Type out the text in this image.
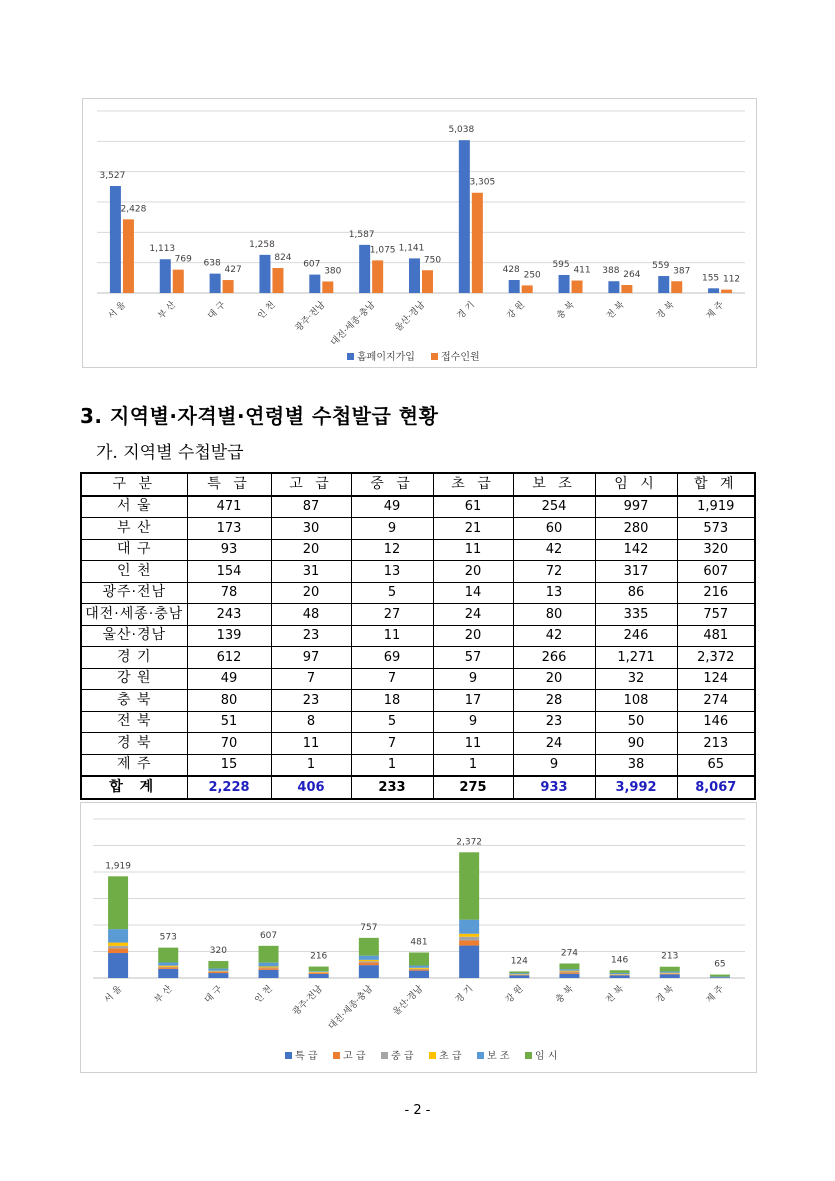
3,527
1,113
638
1,258
607
1,587
1,141
5,038
428
595
388
559
155
2,428
769
427
824
380
1,075
750
3,305
250	411	264	387
112
서 울	부 산	대 구	인 천 광주·전남 대전·세종·충남 울산·경남	경 기	강 원	충 북	전 북	경 북	제 주
홈페이지가입	접수인원
3. 지역별·자격별·연령별 수첩발급 현황
가. 지역별 수첩발급
구 분	특 급	고 급	중 급	초 급	보 조	임 시	합 계
서 울	471	87	49	61	254	997	1,919
부 산	173	30	9	21	60	280	573
대 구	93	20	12	11	42	142	320
인 천	154	31	13	20	72	317	607
광주·전남	78	20	5	14	13	86	216
대전·세종·충남	243	48	27	24	80	335	757
울산·경남	139	23	11	20	42	246	481
경 기	612	97	69	57	266	1,271	2,372
강 원	49	7	7	9	20	32	124
충 북	80	23	18	17	28	108	274
전 북	51	8	5	9	23	50	146
경 북	70	11	7	11	24	90	213
제 주	15	1	1	1	9	38	65
합 계	2,228	406	233	275	933	3,992	8,067
1,919
573
320
607
216
757
481
2,372
124
274
146	213
65
서 울	부 산	대 구	인 천 광주·전남 대전·세종·충남 울산·경남	경 기	강 원	충 북	전 북	경 북	제 주
특 급	고 급	중 급	초 급	보 조	임 시
- 2 -
